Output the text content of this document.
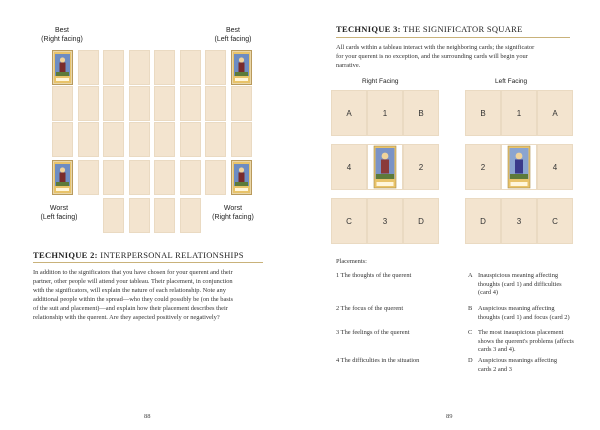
Best
(Right facing)
Best
(Left facing)
Worst
(Left facing)
Worst
(Right facing)
TECHNIQUE 2: INTERPERSONAL RELATIONSHIPS
In addition to the significators that you have chosen for your querent and their
partner, other people will attend your tableau. Their placement, in conjunction
with the significators, will explain the nature of each relationship. Note any
additional people within the spread—who they could possibly be (on the basis
of the suit and placement)—and explain how their placement describes their
relationship with the querent. Are they aspected positively or negatively?
88
TECHNIQUE 3: THE SIGNIFICATOR SQUARE
All cards within a tableau interact with the neighboring cards; the significator
for your querent is no exception, and the surrounding cards will begin your
narrative.
Right Facing	Left Facing
A	1	B
4	2
C	3	D
B	1	A
2	4
D	3	C
Placements:
1 The thoughts of the querent	A Inauspicious meaning affecting
thoughts (card 1) and difficulties
(card 4)
2 The focus of the querent	B Auspicious meaning affecting
thoughts (card 1) and focus (card 2)
3 The feelings of the querent	C The most inauspicious placement
shows the querent's problems (affects
cards 3 and 4).
4 The difficulties in the situation	D Auspicious meanings affecting
cards 2 and 3
89
